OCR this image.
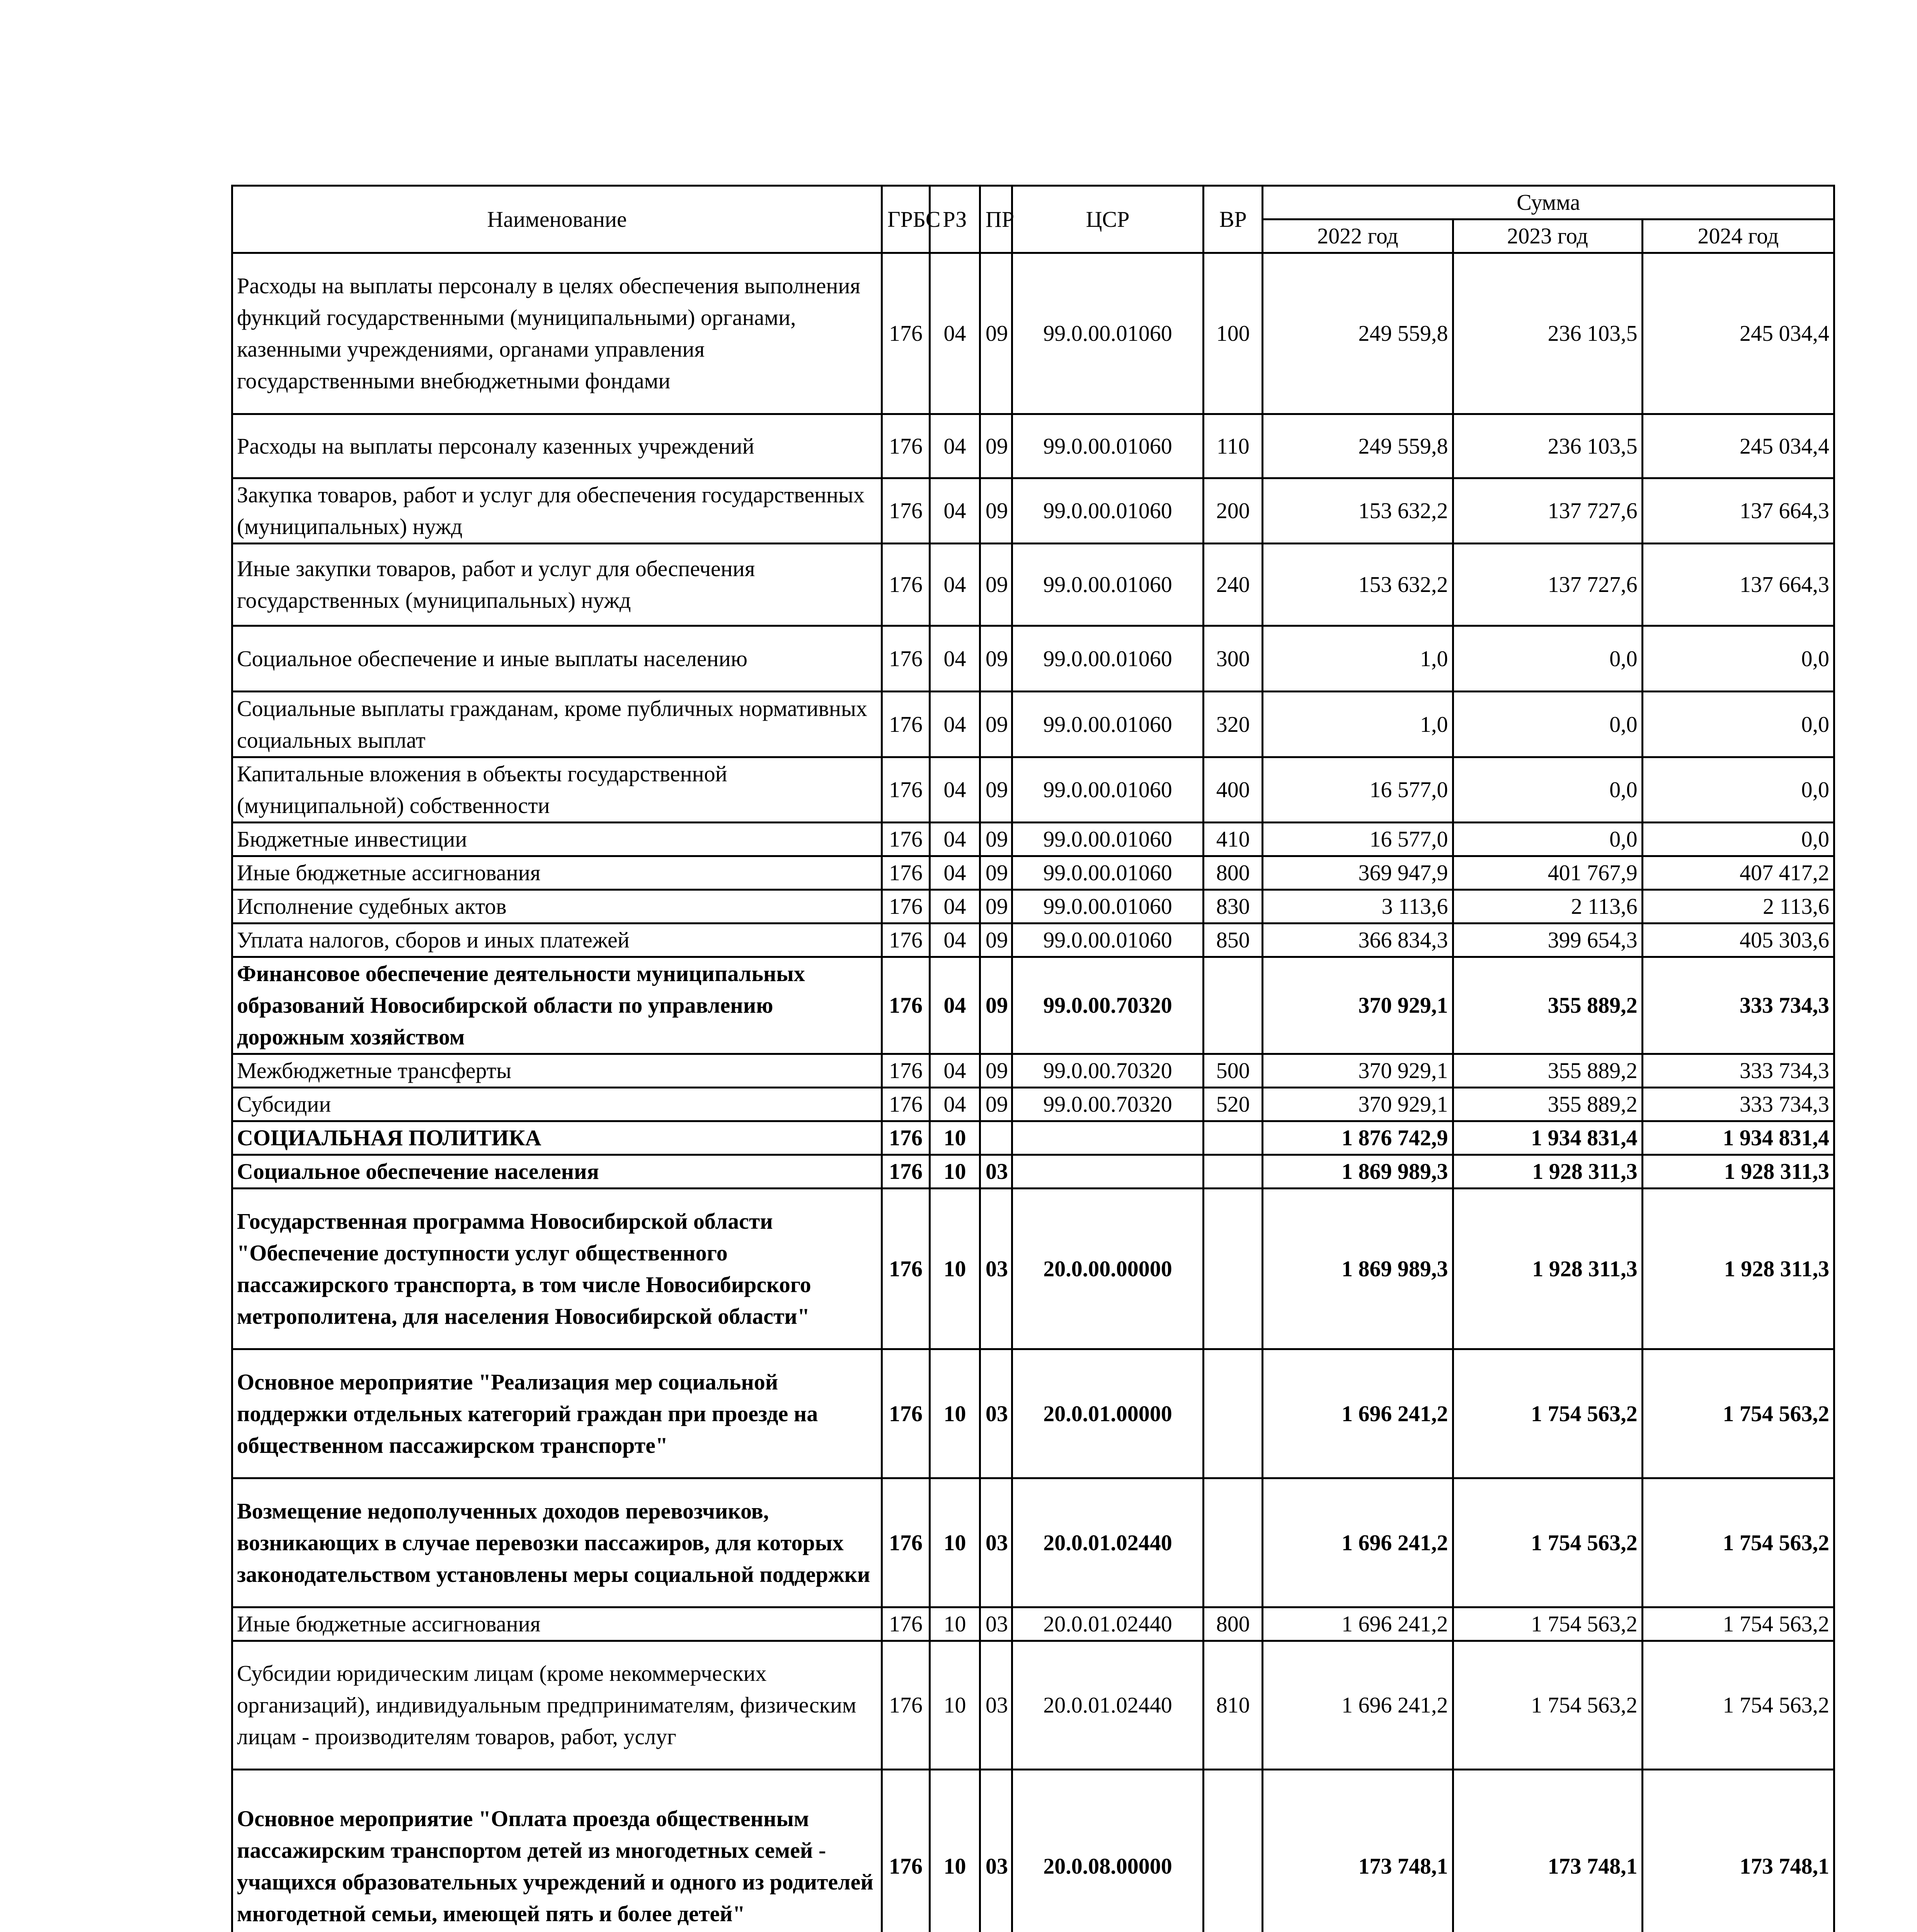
Наименование	ГРБС	РЗ	ПР	ЦСР	ВР	Сумма		
						2022 год	2023 год	2024 год
Расходы на выплаты персоналу в целях обеспечения выполнения функций государственными (муниципальными) органами, казенными учреждениями, органами управления государственными внебюджетными фондами	176	04	09	99.0.00.01060	100	249 559,8	236 103,5	245 034,4
Расходы на выплаты персоналу казенных учреждений	176	04	09	99.0.00.01060	110	249 559,8	236 103,5	245 034,4
Закупка товаров, работ и услуг для обеспечения государственных (муниципальных) нужд	176	04	09	99.0.00.01060	200	153 632,2	137 727,6	137 664,3
Иные закупки товаров, работ и услуг для обеспечения государственных (муниципальных) нужд	176	04	09	99.0.00.01060	240	153 632,2	137 727,6	137 664,3
Социальное обеспечение и иные выплаты населению	176	04	09	99.0.00.01060	300	1,0	0,0	0,0
Социальные выплаты гражданам, кроме публичных нормативных социальных выплат	176	04	09	99.0.00.01060	320	1,0	0,0	0,0
Капитальные вложения в объекты государственной (муниципальной) собственности	176	04	09	99.0.00.01060	400	16 577,0	0,0	0,0
Бюджетные инвестиции	176	04	09	99.0.00.01060	410	16 577,0	0,0	0,0
Иные бюджетные ассигнования	176	04	09	99.0.00.01060	800	369 947,9	401 767,9	407 417,2
Исполнение судебных актов	176	04	09	99.0.00.01060	830	3 113,6	2 113,6	2 113,6
Уплата налогов, сборов и иных платежей	176	04	09	99.0.00.01060	850	366 834,3	399 654,3	405 303,6
Финансовое обеспечение деятельности муниципальных образований Новосибирской области по управлению дорожным хозяйством	176	04	09	99.0.00.70320		370 929,1	355 889,2	333 734,3
Межбюджетные трансферты	176	04	09	99.0.00.70320	500	370 929,1	355 889,2	333 734,3
Субсидии	176	04	09	99.0.00.70320	520	370 929,1	355 889,2	333 734,3
СОЦИАЛЬНАЯ ПОЛИТИКА	176	10				1 876 742,9	1 934 831,4	1 934 831,4
Социальное обеспечение населения	176	10	03			1 869 989,3	1 928 311,3	1 928 311,3
Государственная программа Новосибирской области "Обеспечение доступности услуг общественного пассажирского транспорта, в том числе Новосибирского метрополитена, для населения Новосибирской области"	176	10	03	20.0.00.00000		1 869 989,3	1 928 311,3	1 928 311,3
Основное мероприятие "Реализация мер социальной поддержки отдельных категорий граждан при проезде на общественном пассажирском транспорте"	176	10	03	20.0.01.00000		1 696 241,2	1 754 563,2	1 754 563,2
Возмещение недополученных доходов перевозчиков, возникающих в случае перевозки пассажиров, для которых законодательством установлены меры социальной поддержки	176	10	03	20.0.01.02440		1 696 241,2	1 754 563,2	1 754 563,2
Иные бюджетные ассигнования	176	10	03	20.0.01.02440	800	1 696 241,2	1 754 563,2	1 754 563,2
Субсидии юридическим лицам (кроме некоммерческих организаций), индивидуальным предпринимателям, физическим лицам - производителям товаров, работ, услуг	176	10	03	20.0.01.02440	810	1 696 241,2	1 754 563,2	1 754 563,2
Основное мероприятие "Оплата проезда общественным пассажирским транспортом детей из многодетных семей - учащихся образовательных учреждений и одного из родителей многодетной семьи, имеющей пять и более детей"	176	10	03	20.0.08.00000		173 748,1	173 748,1	173 748,1
